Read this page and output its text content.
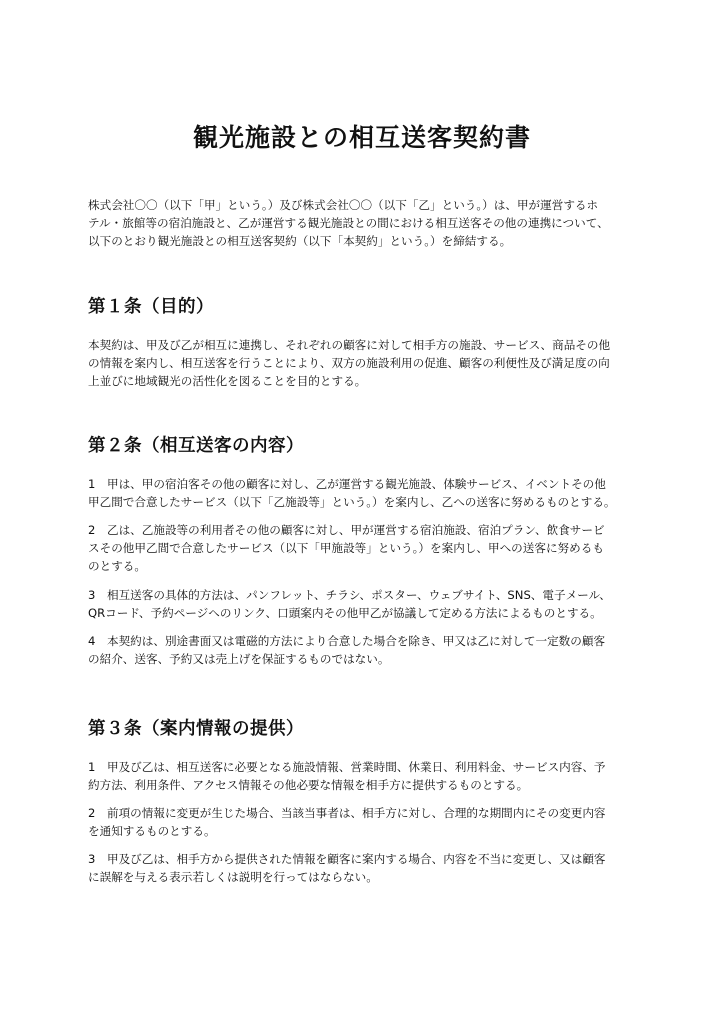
観光施設との相互送客契約書

株式会社〇〇（以下「甲」という。）及び株式会社〇〇（以下「乙」という。）は、甲が運営するホ
テル・旅館等の宿泊施設と、乙が運営する観光施設との間における相互送客その他の連携について、
以下のとおり観光施設との相互送客契約（以下「本契約」という。）を締結する。

第１条（目的）

本契約は、甲及び乙が相互に連携し、それぞれの顧客に対して相手方の施設、サービス、商品その他
の情報を案内し、相互送客を行うことにより、双方の施設利用の促進、顧客の利便性及び満足度の向
上並びに地域観光の活性化を図ることを目的とする。

第２条（相互送客の内容）

1　甲は、甲の宿泊客その他の顧客に対し、乙が運営する観光施設、体験サービス、イベントその他
甲乙間で合意したサービス（以下「乙施設等」という。）を案内し、乙への送客に努めるものとする。

2　乙は、乙施設等の利用者その他の顧客に対し、甲が運営する宿泊施設、宿泊プラン、飲食サービ
スその他甲乙間で合意したサービス（以下「甲施設等」という。）を案内し、甲への送客に努めるも
のとする。

3　相互送客の具体的方法は、パンフレット、チラシ、ポスター、ウェブサイト、SNS、電子メール、
QRコード、予約ページへのリンク、口頭案内その他甲乙が協議して定める方法によるものとする。

4　本契約は、別途書面又は電磁的方法により合意した場合を除き、甲又は乙に対して一定数の顧客
の紹介、送客、予約又は売上げを保証するものではない。

第３条（案内情報の提供）

1　甲及び乙は、相互送客に必要となる施設情報、営業時間、休業日、利用料金、サービス内容、予
約方法、利用条件、アクセス情報その他必要な情報を相手方に提供するものとする。

2　前項の情報に変更が生じた場合、当該当事者は、相手方に対し、合理的な期間内にその変更内容
を通知するものとする。

3　甲及び乙は、相手方から提供された情報を顧客に案内する場合、内容を不当に変更し、又は顧客
に誤解を与える表示若しくは説明を行ってはならない。
